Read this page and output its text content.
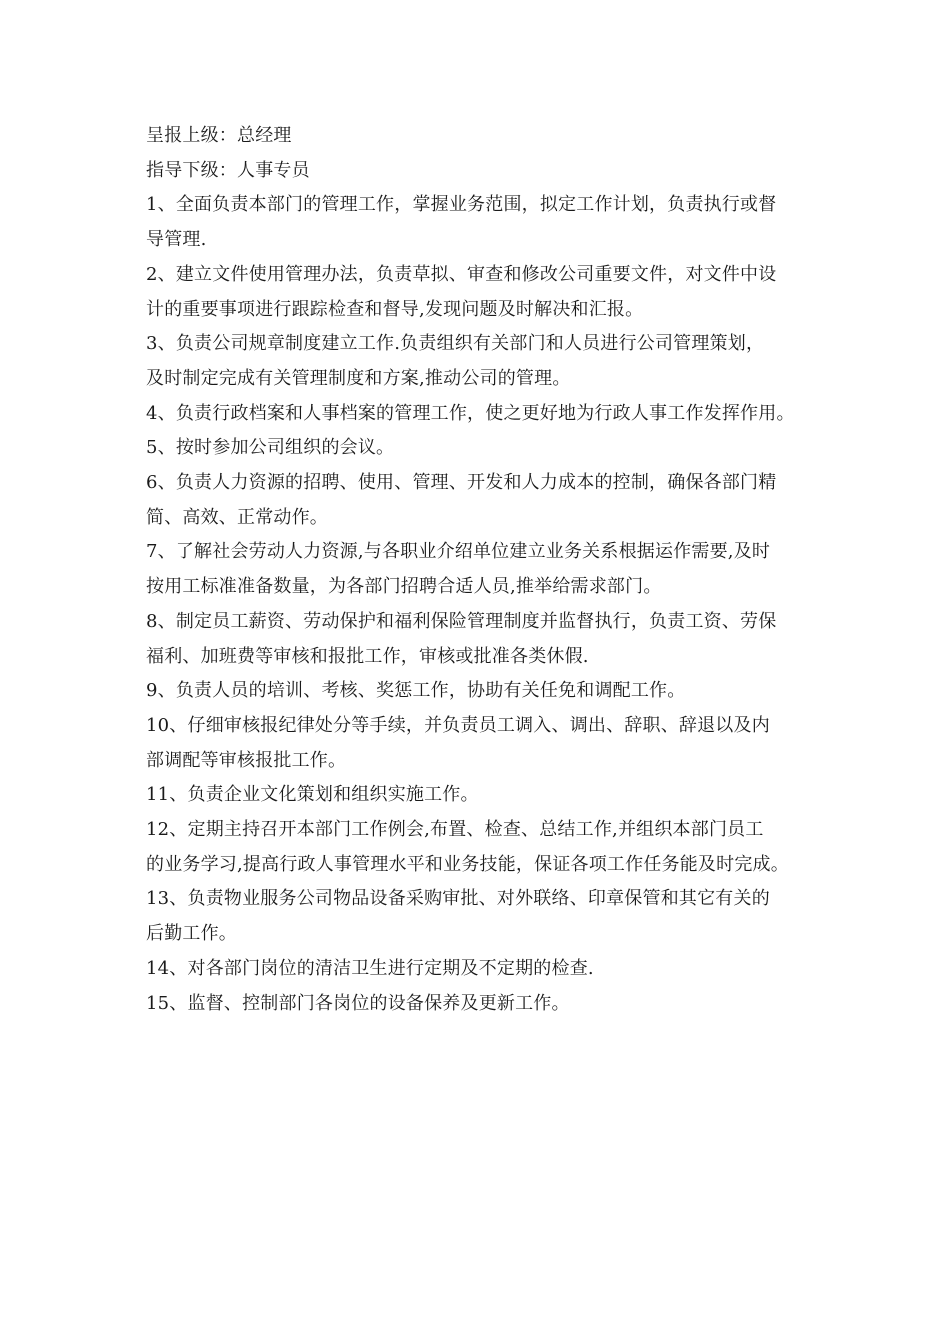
呈报上级：总经理
指导下级：人事专员
1、全面负责本部门的管理工作，掌握业务范围，拟定工作计划，负责执行或督
导管理.
2、建立文件使用管理办法，负责草拟、审查和修改公司重要文件，对文件中设
计的重要事项进行跟踪检查和督导,发现问题及时解决和汇报。
3、负责公司规章制度建立工作.负责组织有关部门和人员进行公司管理策划，
及时制定完成有关管理制度和方案,推动公司的管理。
4、负责行政档案和人事档案的管理工作，使之更好地为行政人事工作发挥作用。
5、按时参加公司组织的会议。
6、负责人力资源的招聘、使用、管理、开发和人力成本的控制，确保各部门精
简、高效、正常动作。
7、了解社会劳动人力资源,与各职业介绍单位建立业务关系根据运作需要,及时
按用工标准准备数量，为各部门招聘合适人员,推举给需求部门。
8、制定员工薪资、劳动保护和福利保险管理制度并监督执行，负责工资、劳保
福利、加班费等审核和报批工作，审核或批准各类休假.
9、负责人员的培训、考核、奖惩工作，协助有关任免和调配工作。
10、仔细审核报纪律处分等手续，并负责员工调入、调出、辞职、辞退以及内
部调配等审核报批工作。
11、负责企业文化策划和组织实施工作。
12、定期主持召开本部门工作例会,布置、检查、总结工作,并组织本部门员工
的业务学习,提高行政人事管理水平和业务技能，保证各项工作任务能及时完成。
13、负责物业服务公司物品设备采购审批、对外联络、印章保管和其它有关的
后勤工作。
14、对各部门岗位的清洁卫生进行定期及不定期的检查.
15、监督、控制部门各岗位的设备保养及更新工作。
